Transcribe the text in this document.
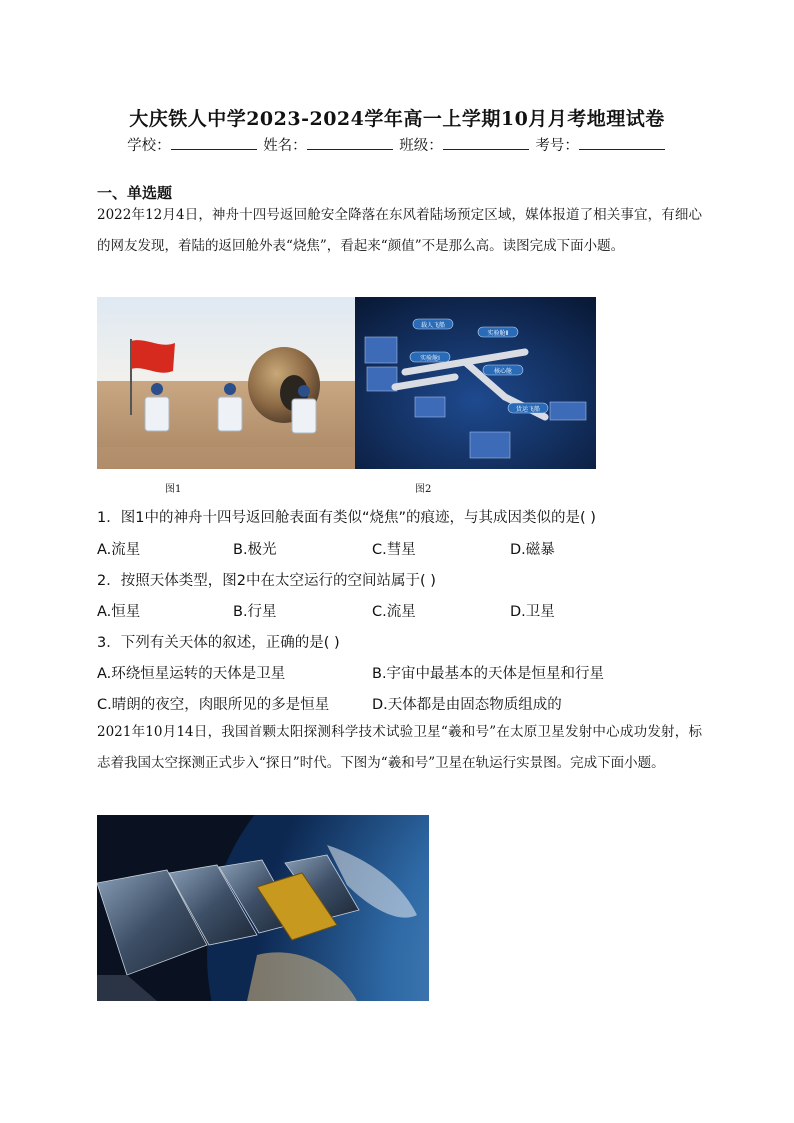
大庆铁人中学2023-2024学年高一上学期10月月考地理试卷
学校：	姓名：	班级：	考号：
一、单选题
2022年12月4日，神舟十四号返回舱安全降落在东风着陆场预定区域，媒体报道了相关事宜，有细心的网友发现，着陆的返回舱外表“烧焦”，看起来“颜值”不是那么高。读图完成下面小题。
载人飞船
实验舱Ⅱ
实验舱Ⅰ
核心舱
货运飞船
图1	图2
1．图1中的神舟十四号返回舱表面有类似“烧焦”的痕迹，与其成因类似的是( )
A.流星	B.极光	C.彗星	D.磁暴
2．按照天体类型，图2中在太空运行的空间站属于( )
A.恒星	B.行星	C.流星	D.卫星
3．下列有关天体的叙述，正确的是( )
A.环绕恒星运转的天体是卫星	B.宇宙中最基本的天体是恒星和行星
C.晴朗的夜空，肉眼所见的多是恒星	D.天体都是由固态物质组成的
2021年10月14日，我国首颗太阳探测科学技术试验卫星“羲和号”在太原卫星发射中心成功发射，标志着我国太空探测正式步入“探日”时代。下图为“羲和号”卫星在轨运行实景图。完成下面小题。
